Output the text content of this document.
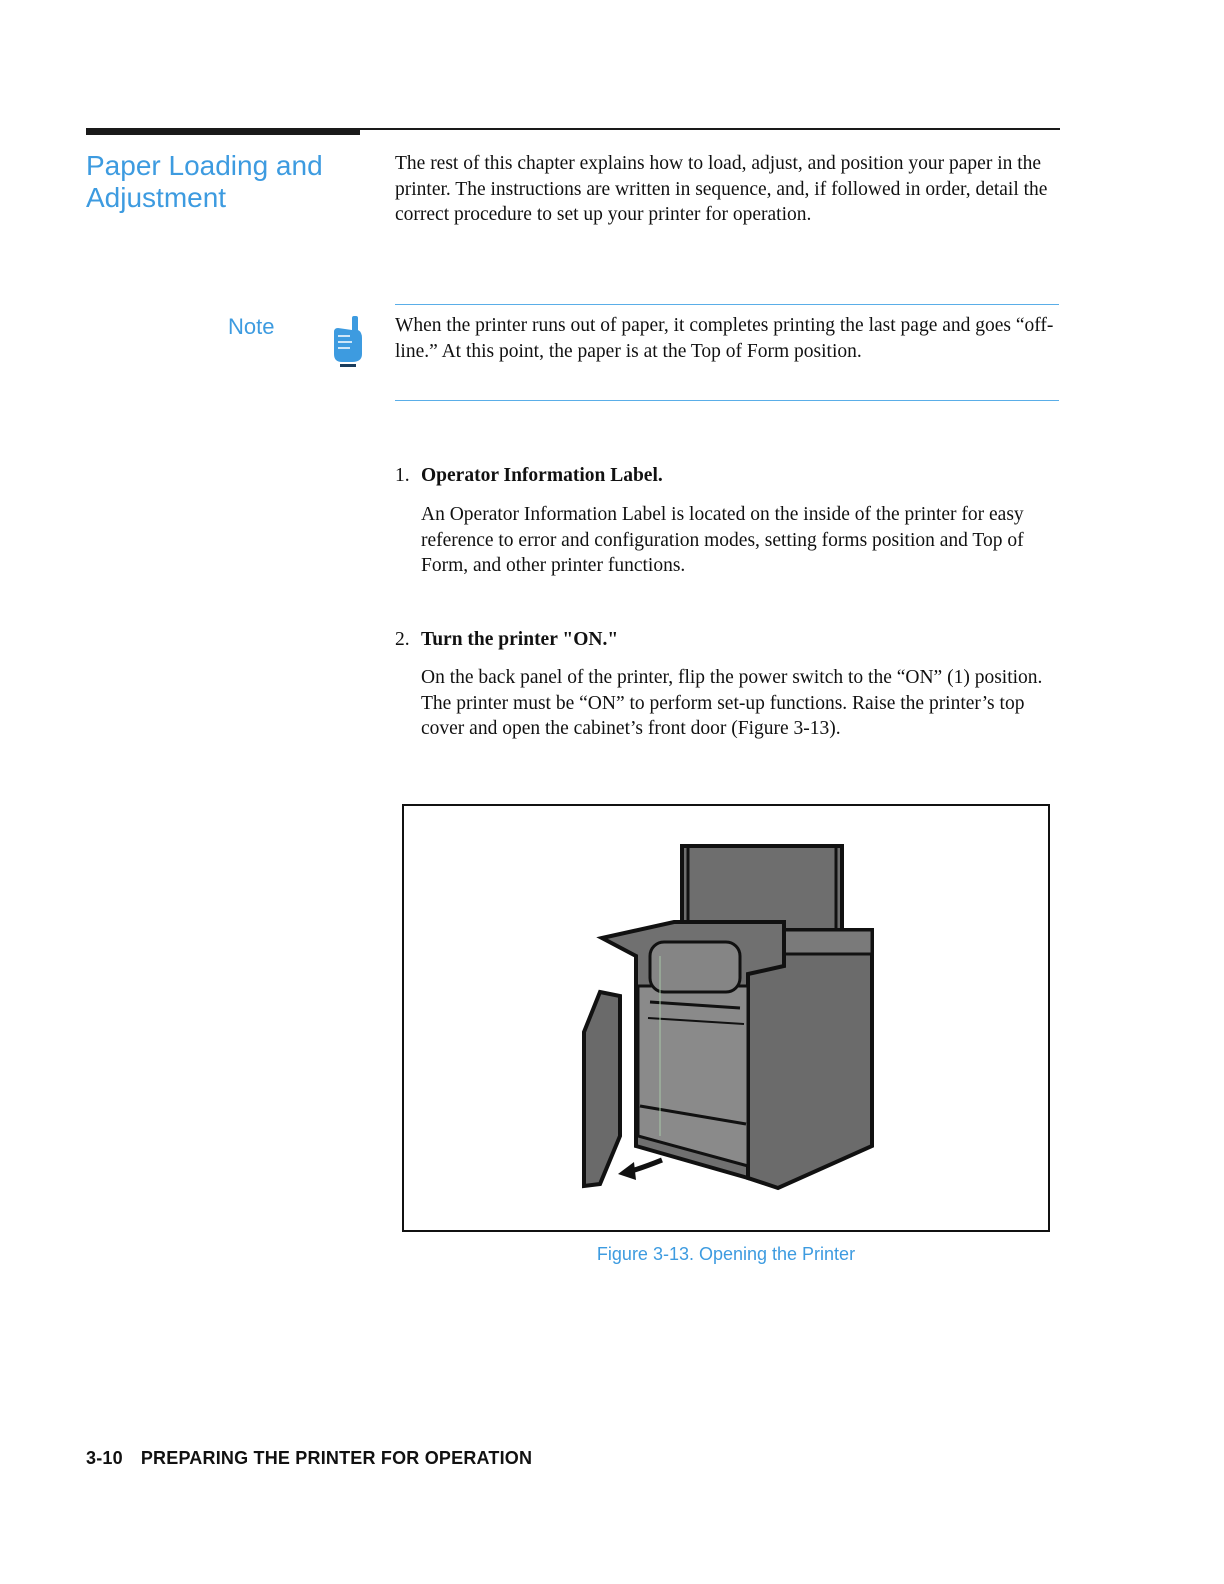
Paper Loading and
Adjustment
The rest of this chapter explains how to load, adjust, and position your paper in the printer. The instructions are written in sequence, and, if followed in order, detail the correct procedure to set up your printer for operation.
Note	When the printer runs out of paper, it completes printing the last page and goes “off-line.” At this point, the paper is at the Top of Form position.
1. Operator Information Label.
An Operator Information Label is located on the inside of the printer for easy reference to error and configuration modes, setting forms position and Top of Form, and other printer functions.
2. Turn the printer "ON."
On the back panel of the printer, flip the power switch to the “ON” (1) position. The printer must be “ON” to perform set-up functions. Raise the printer’s top cover and open the cabinet’s front door (Figure 3-13).
Figure 3-13. Opening the Printer
3-10 PREPARING THE PRINTER FOR OPERATION
